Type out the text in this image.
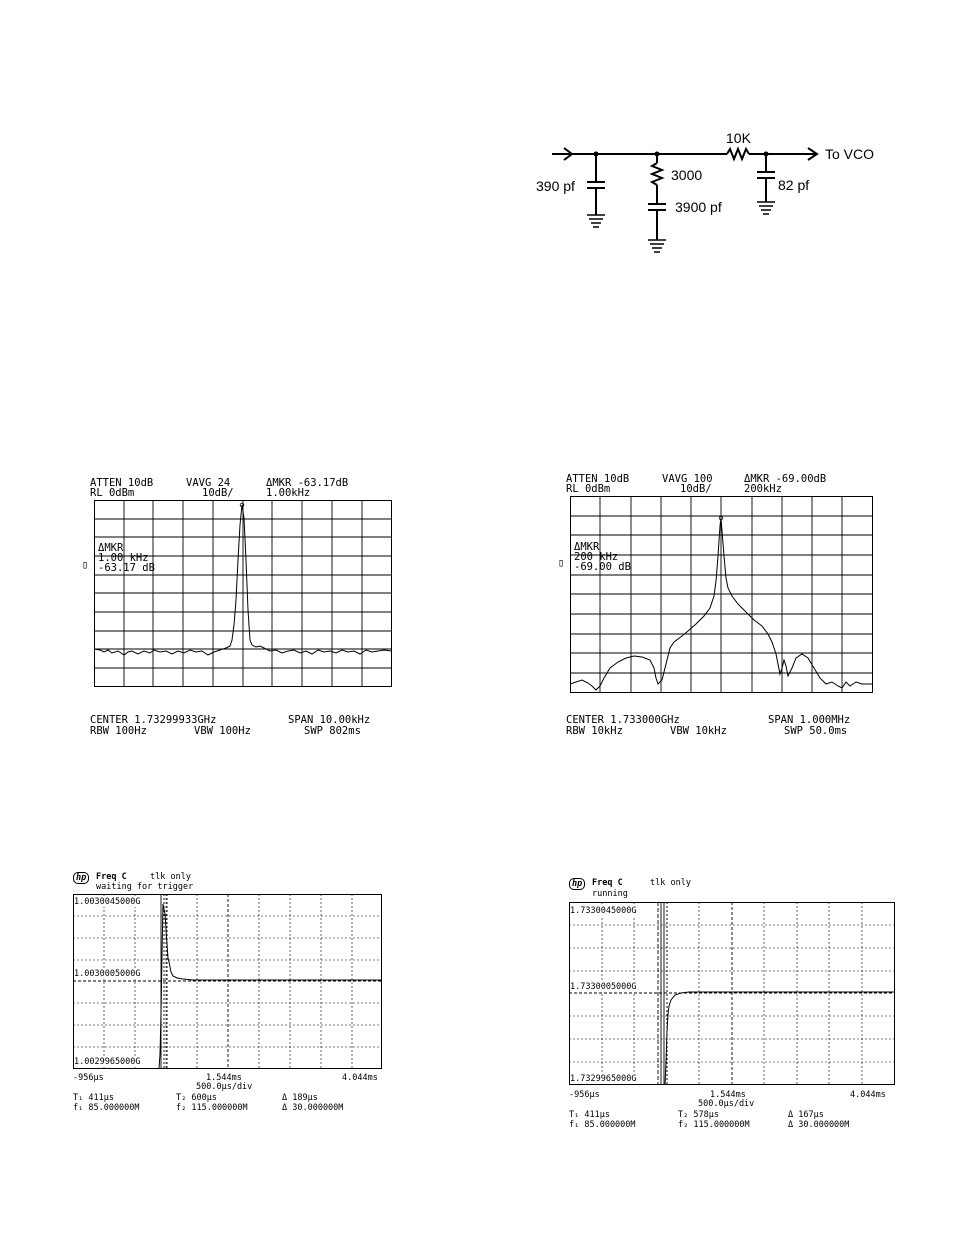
390 pf
3000
3900 pf
10K
82 pf
To VCO
ATTEN 10dB	VAVG 24	ΔMKR -63.17dB
RL 0dBm	10dB/	1.00kHz
▯
ΔMKR
1.00 kHz
-63.17 dB
CENTER 1.73299933GHz	SPAN 10.00kHz
RBW 100Hz	VBW 100Hz	SWP 802ms
ATTEN 10dB	VAVG 100	ΔMKR -69.00dB
RL 0dBm	10dB/	200kHz
▯
ΔMKR
200 kHz
-69.00 dB
CENTER 1.733000GHz	SPAN 1.000MHz
RBW 10kHz	VBW 10kHz	SWP 50.0ms
hp	Freq C	tlk only
waiting for trigger
1.0030045000G
1.0030005000G
1.0029965000G
-956µs	1.544ms	4.044ms
500.0µs/div
T₁ 411µs	T₂ 600µs	Δ 189µs
f₁ 85.000000M	f₂ 115.000000M	Δ 30.000000M
hp	Freq C	tlk only
running
1.7330045000G
1.7330005000G
1.7329965000G
-956µs	1.544ms	4.044ms
500.0µs/div
T₁ 411µs	T₂ 578µs	Δ 167µs
f₁ 85.000000M	f₂ 115.000000M	Δ 30.000000M
